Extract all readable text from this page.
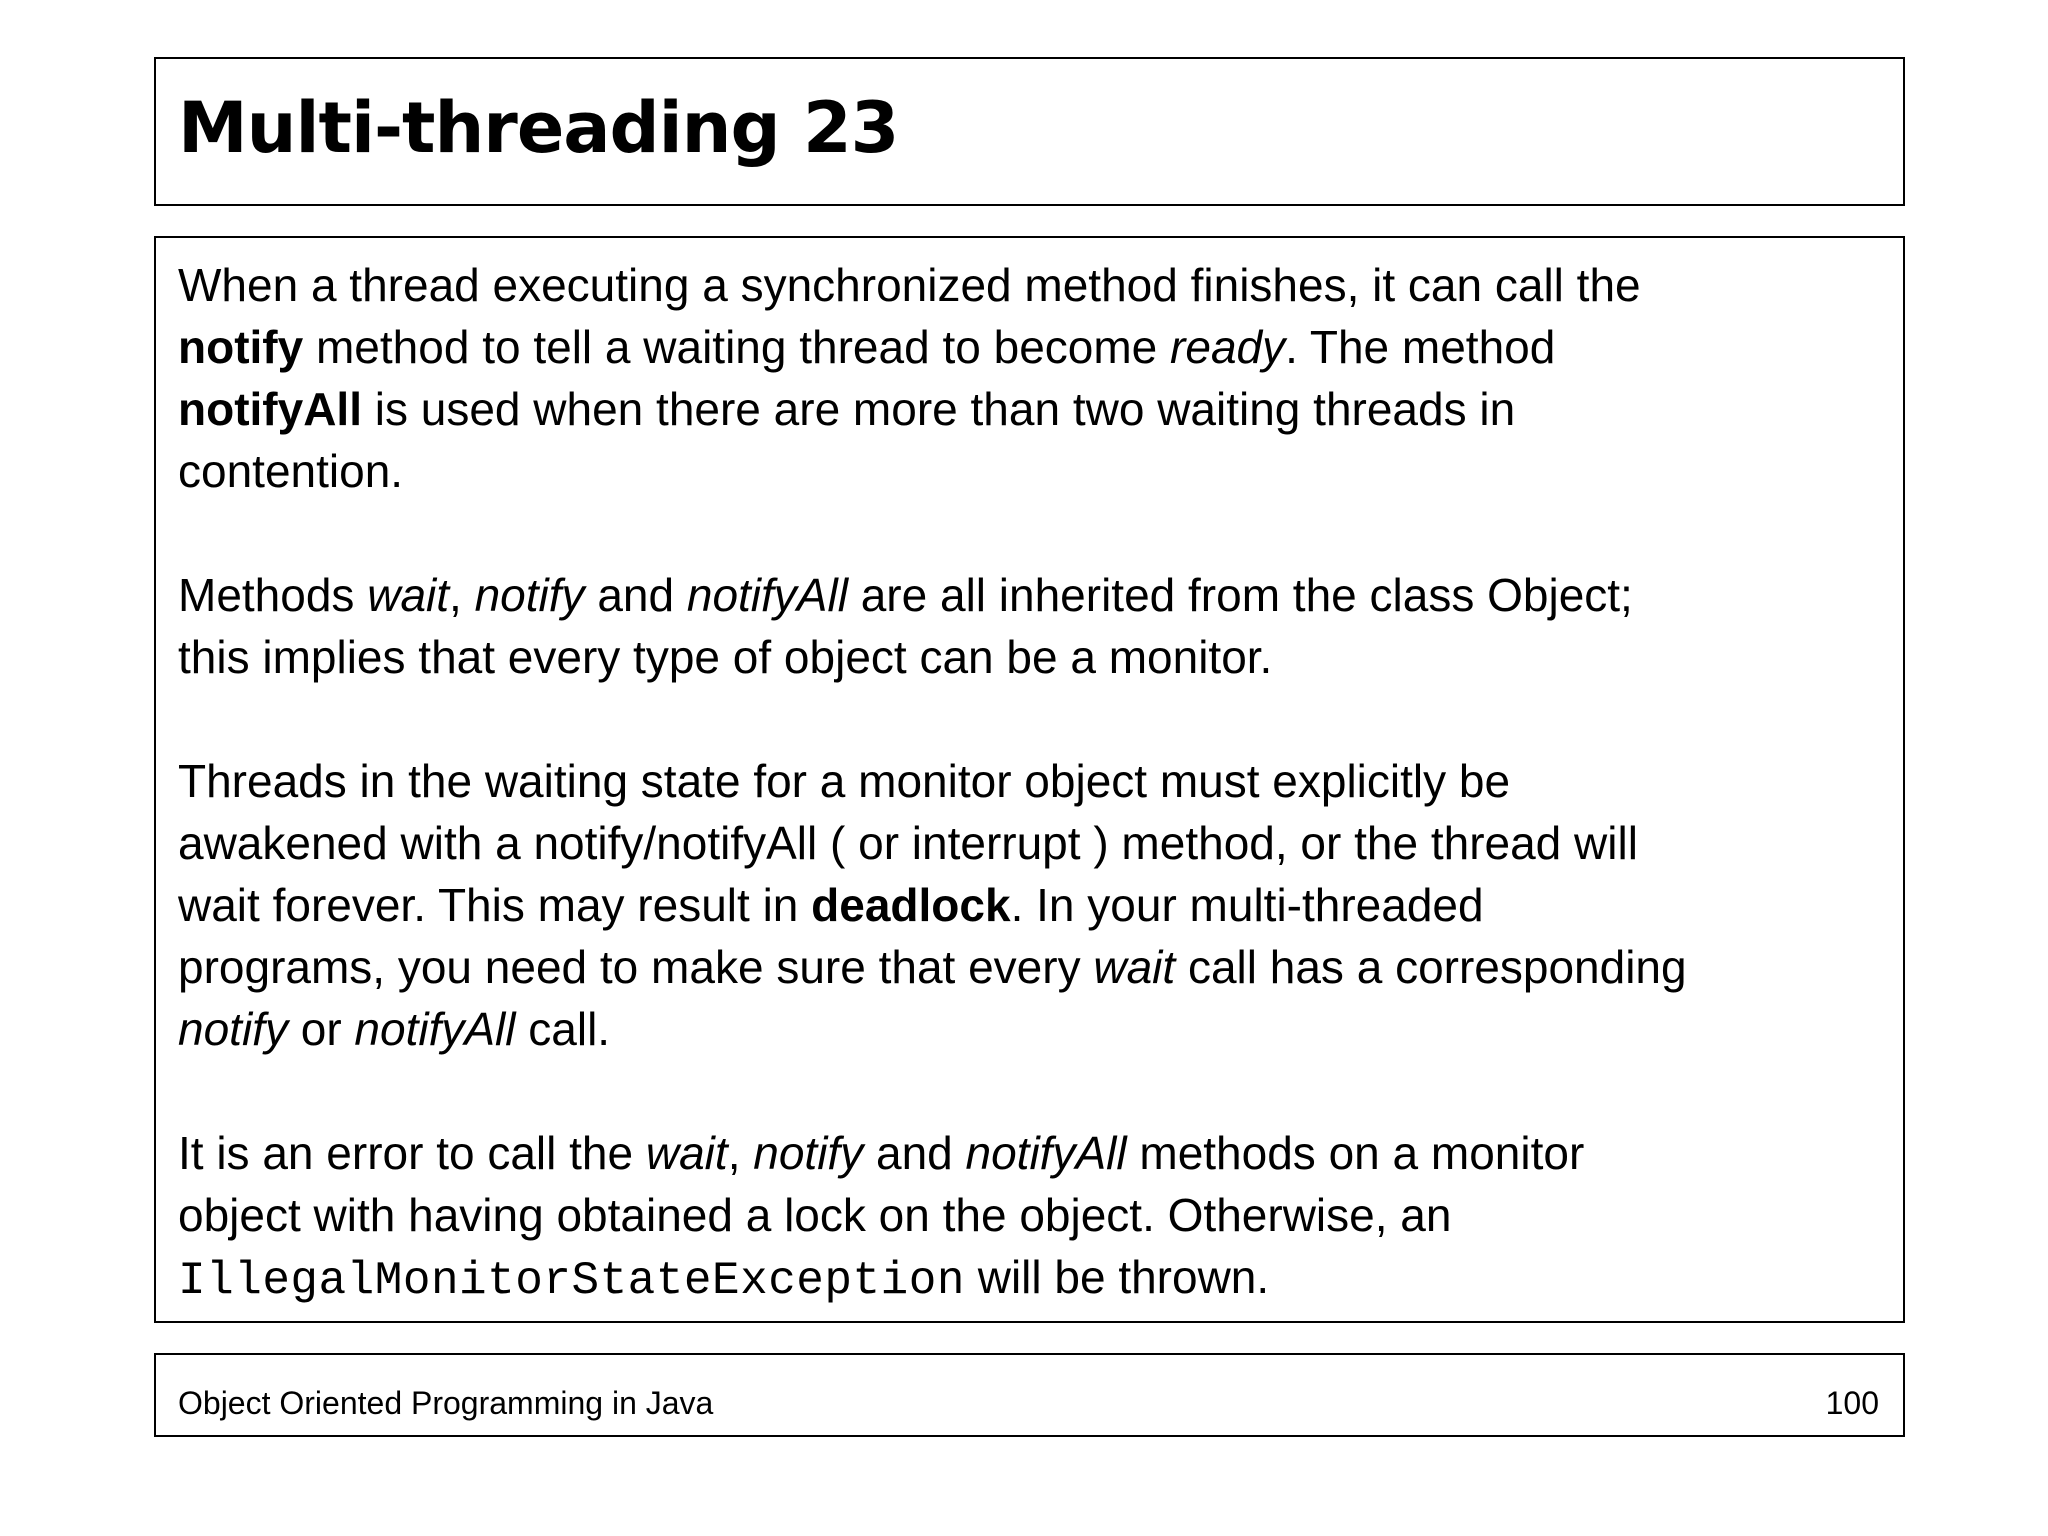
Multi-threading 23

When a thread executing a synchronized method finishes, it can call the
notify method to tell a waiting thread to become ready. The method
notifyAll is used when there are more than two waiting threads in
contention.

Methods wait, notify and notifyAll are all inherited from the class Object;
this implies that every type of object can be a monitor.

Threads in the waiting state for a monitor object must explicitly be
awakened with a notify/notifyAll ( or interrupt ) method, or the thread will
wait forever. This may result in deadlock. In your multi-threaded
programs, you need to make sure that every wait call has a corresponding
notify or notifyAll call.

It is an error to call the wait, notify and notifyAll methods on a monitor
object with having obtained a lock on the object. Otherwise, an
IllegalMonitorStateException will be thrown.

Object Oriented Programming in Java	100
